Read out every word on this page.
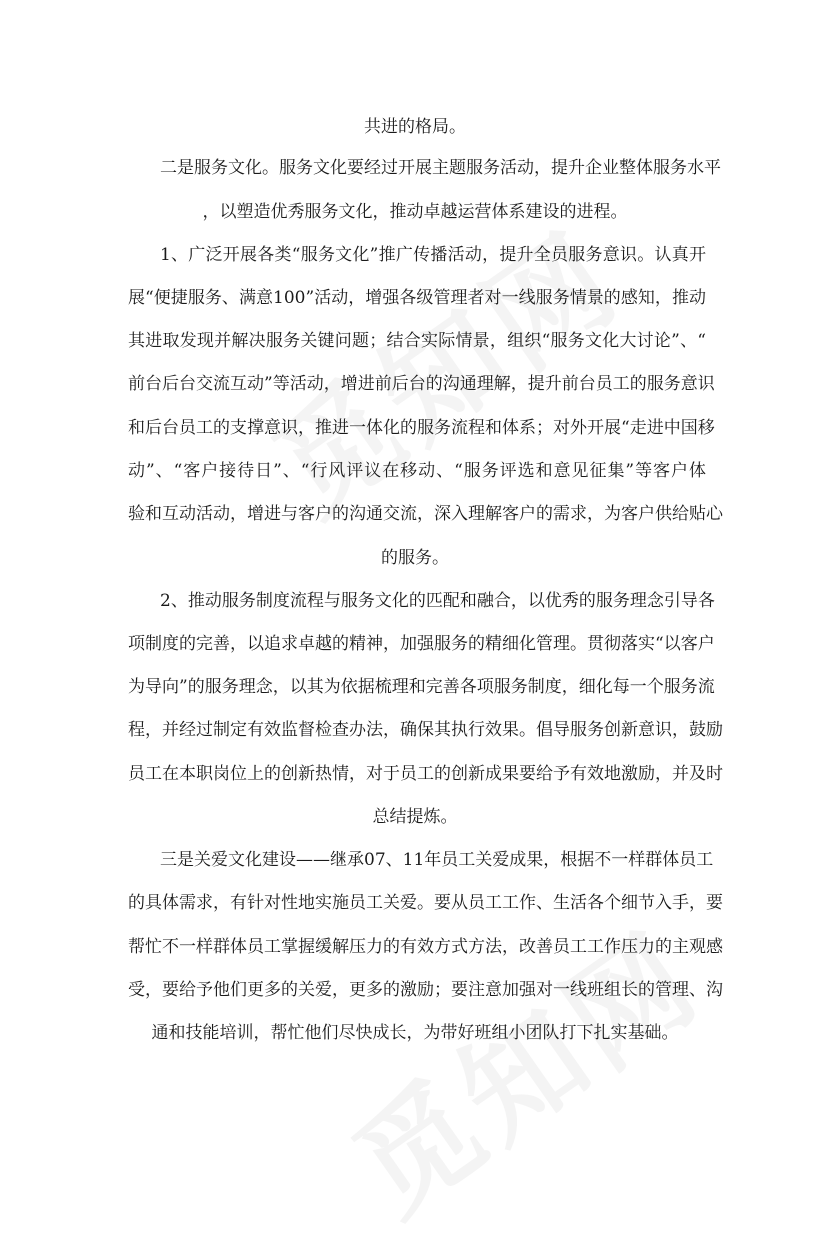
共进的格局。

二是服务文化。服务文化要经过开展主题服务活动，提升企业整体服务水平

，以塑造优秀服务文化，推动卓越运营体系建设的进程。

1、广泛开展各类“服务文化”推广传播活动，提升全员服务意识。认真开

展“便捷服务、满意100”活动，增强各级管理者对一线服务情景的感知，推动

其进取发现并解决服务关键问题；结合实际情景，组织“服务文化大讨论”、“

前台后台交流互动”等活动，增进前后台的沟通理解，提升前台员工的服务意识

和后台员工的支撑意识，推进一体化的服务流程和体系；对外开展“走进中国移

动”、“客户接待日”、“行风评议在移动、“服务评选和意见征集”等客户体

验和互动活动，增进与客户的沟通交流，深入理解客户的需求，为客户供给贴心

的服务。

2、推动服务制度流程与服务文化的匹配和融合，以优秀的服务理念引导各

项制度的完善，以追求卓越的精神，加强服务的精细化管理。贯彻落实“以客户

为导向”的服务理念，以其为依据梳理和完善各项服务制度，细化每一个服务流

程，并经过制定有效监督检查办法，确保其执行效果。倡导服务创新意识，鼓励

员工在本职岗位上的创新热情，对于员工的创新成果要给予有效地激励，并及时

总结提炼。

三是关爱文化建设——继承07、11年员工关爱成果，根据不一样群体员工

的具体需求，有针对性地实施员工关爱。要从员工工作、生活各个细节入手，要

帮忙不一样群体员工掌握缓解压力的有效方式方法，改善员工工作压力的主观感

受，要给予他们更多的关爱，更多的激励；要注意加强对一线班组长的管理、沟

通和技能培训，帮忙他们尽快成长，为带好班组小团队打下扎实基础。
